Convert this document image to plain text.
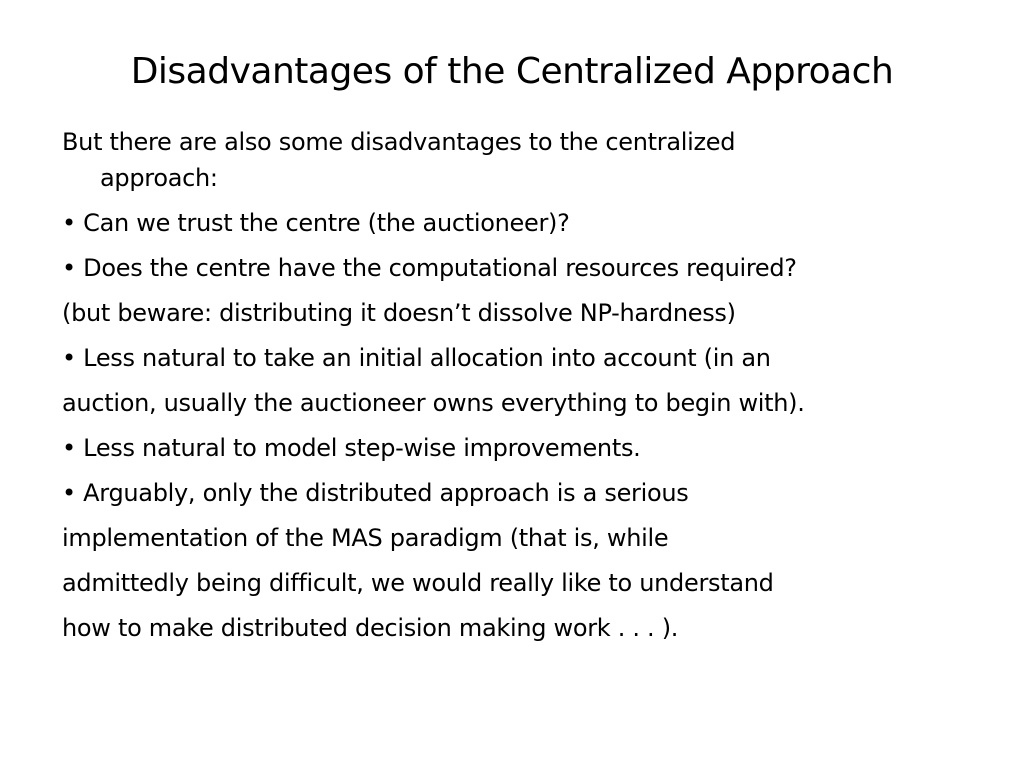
Disadvantages of the Centralized Approach
But there are also some disadvantages to the centralized
approach:
• Can we trust the centre (the auctioneer)?
• Does the centre have the computational resources required?
(but beware: distributing it doesn’t dissolve NP-hardness)
• Less natural to take an initial allocation into account (in an
auction, usually the auctioneer owns everything to begin with).
• Less natural to model step-wise improvements.
• Arguably, only the distributed approach is a serious
implementation of the MAS paradigm (that is, while
admittedly being difficult, we would really like to understand
how to make distributed decision making work . . . ).
